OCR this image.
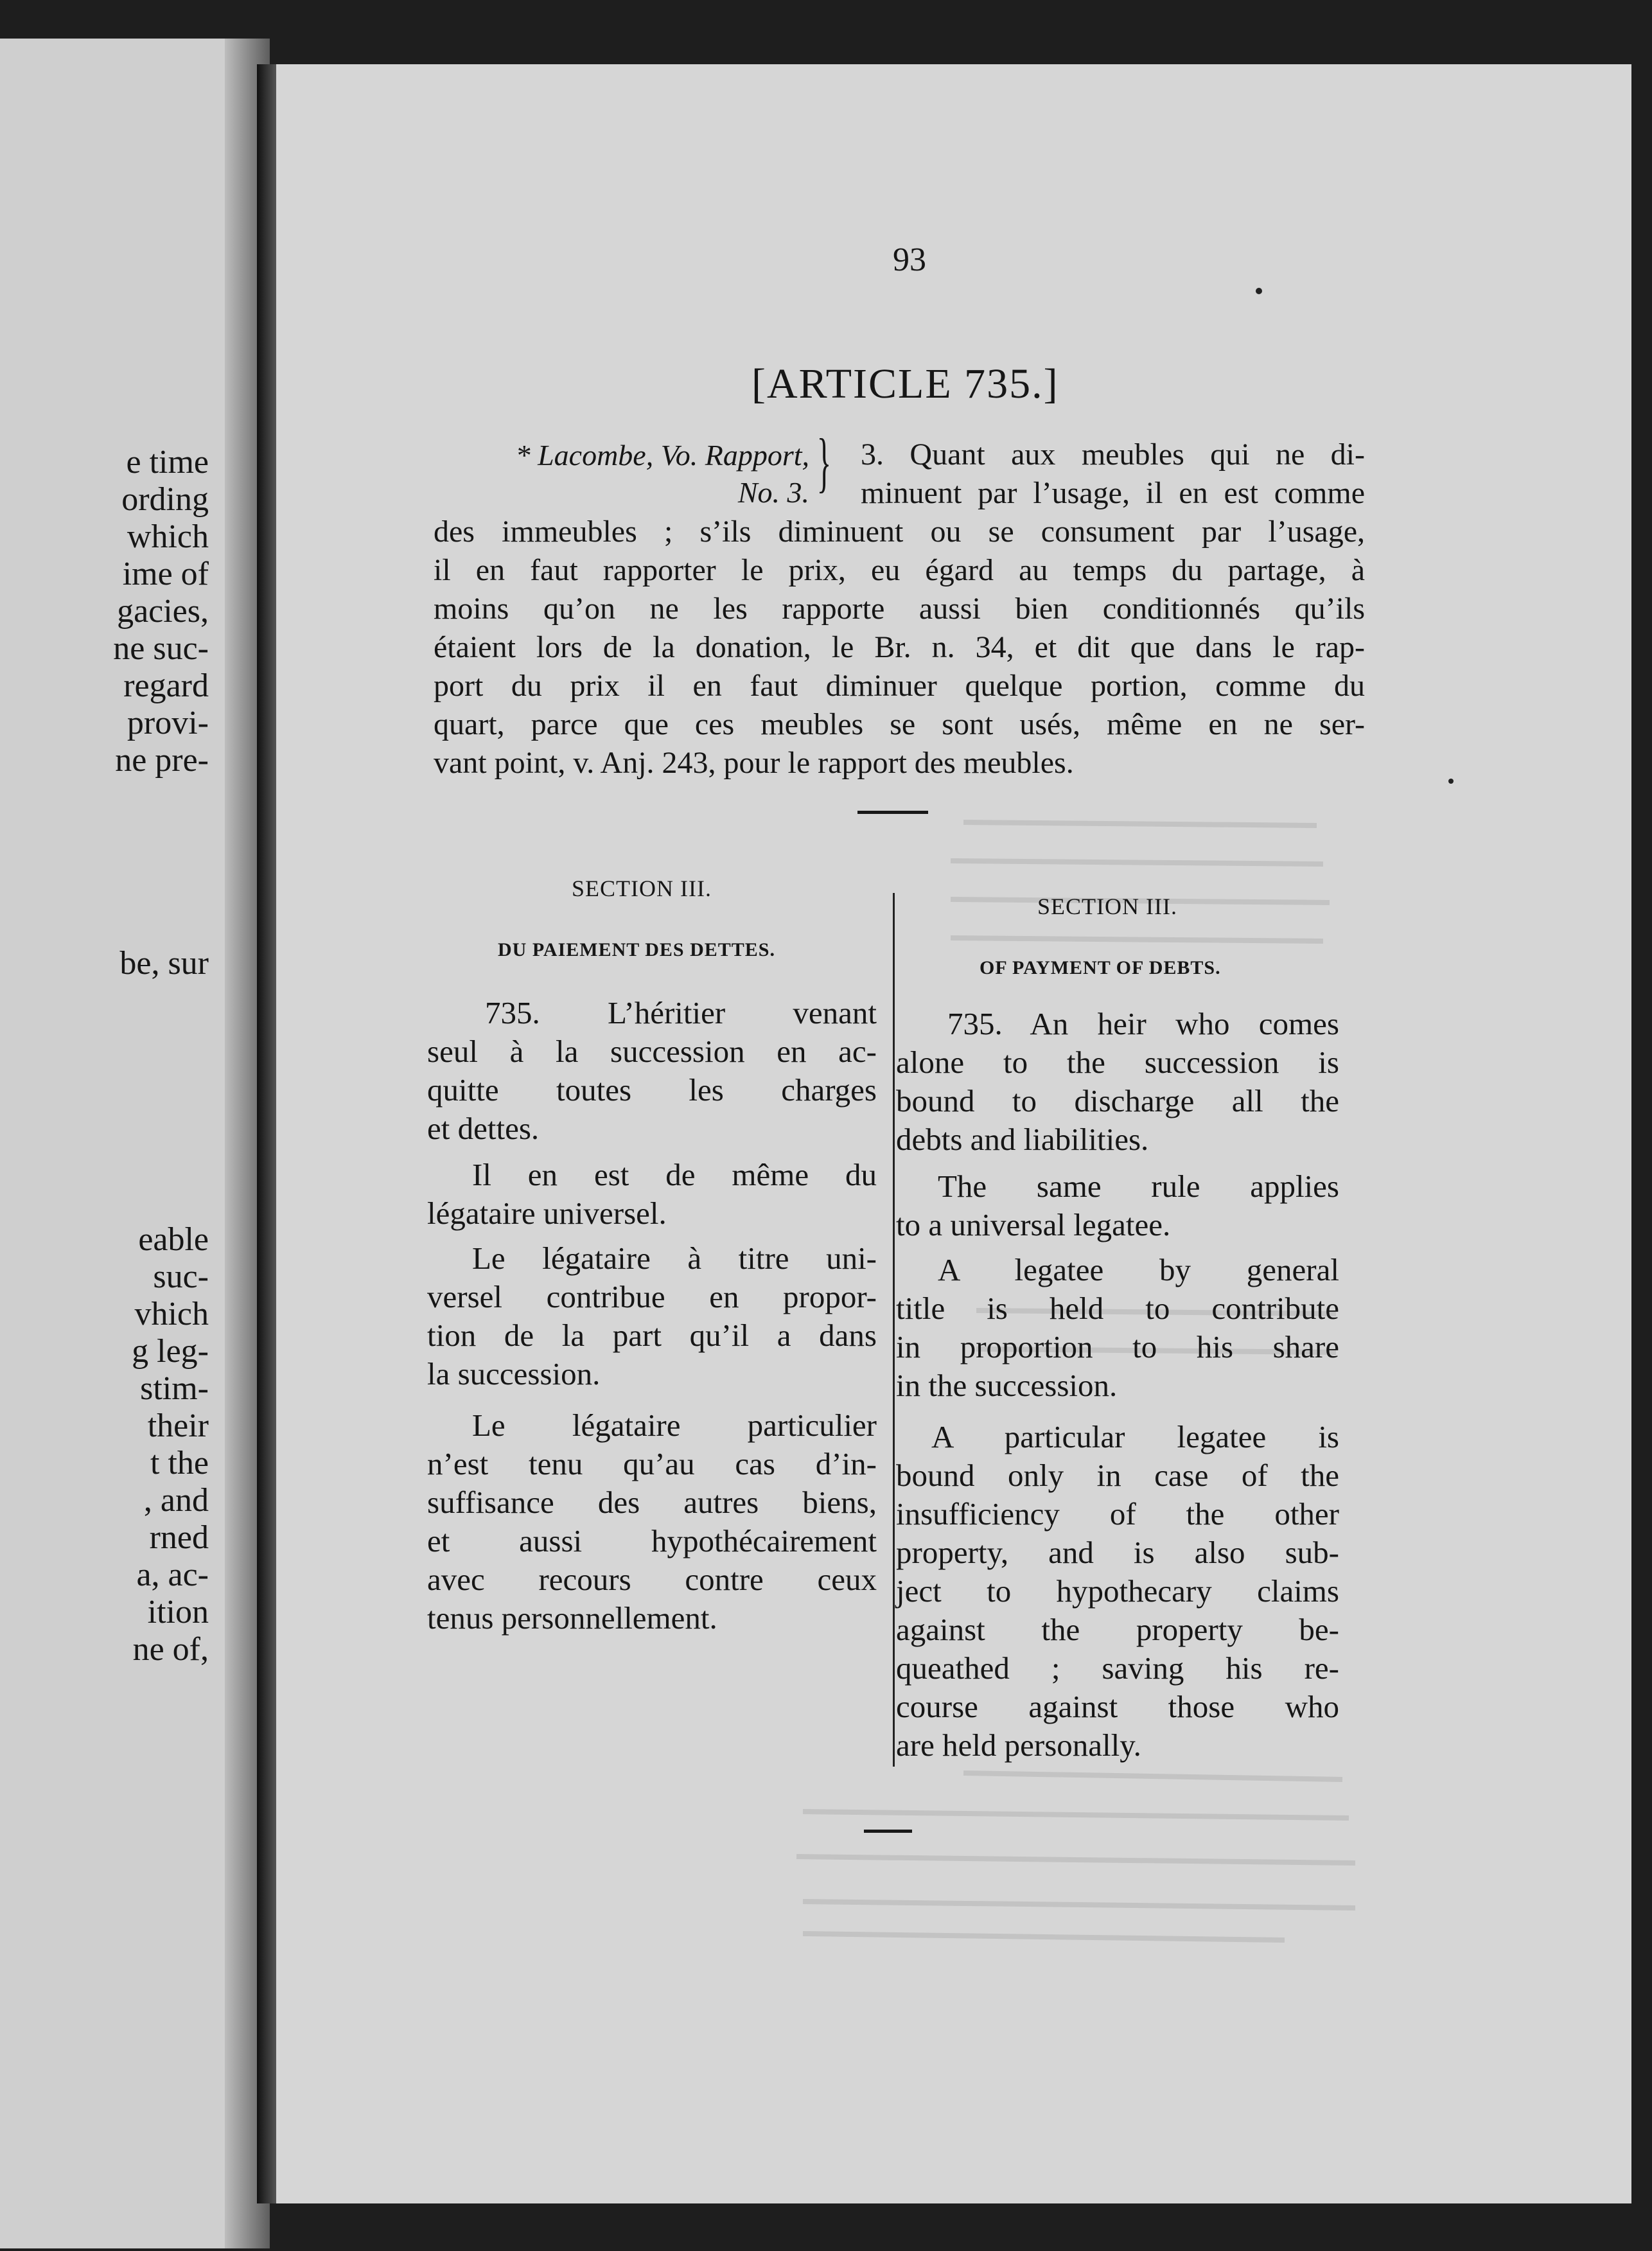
e time
ording
which
ime of
gacies,
ne suc-
regard
provi-
ne pre-
be, sur
eable
suc-
vhich
g leg-
stim-
their
t the
, and
rned
a, ac-
ition
ne of,
93
[ARTICLE 735.]
* Lacombe, Vo. Rapport,
No. 3. } 3. Quant aux meubles qui ne di-
minuent par l’usage, il en est comme
des immeubles ; s’ils diminuent ou se consument par l’usage,
il en faut rapporter le prix, eu égard au temps du partage, à
moins qu’on ne les rapporte aussi bien conditionnés qu’ils
étaient lors de la donation, le Br. n. 34, et dit que dans le rap-
port du prix il en faut diminuer quelque portion, comme du
quart, parce que ces meubles se sont usés, même en ne ser-
vant point, v. Anj. 243, pour le rapport des meubles.
SECTION III.
DU PAIEMENT DES DETTES.
735. L’héritier venant
seul à la succession en ac-
quitte toutes les charges
et dettes.
Il en est de même du
légataire universel.
Le légataire à titre uni-
versel contribue en propor-
tion de la part qu’il a dans
la succession.
Le légataire particulier
n’est tenu qu’au cas d’in-
suffisance des autres biens,
et aussi hypothécairement
avec recours contre ceux
tenus personnellement.
SECTION III.
OF PAYMENT OF DEBTS.
735. An heir who comes
alone to the succession is
bound to discharge all the
debts and liabilities.
The same rule applies
to a universal legatee.
A legatee by general
title is held to contribute
in proportion to his share
in the succession.
A particular legatee is
bound only in case of the
insufficiency of the other
property, and is also sub-
ject to hypothecary claims
against the property be-
queathed ; saving his re-
course against those who
are held personally.
